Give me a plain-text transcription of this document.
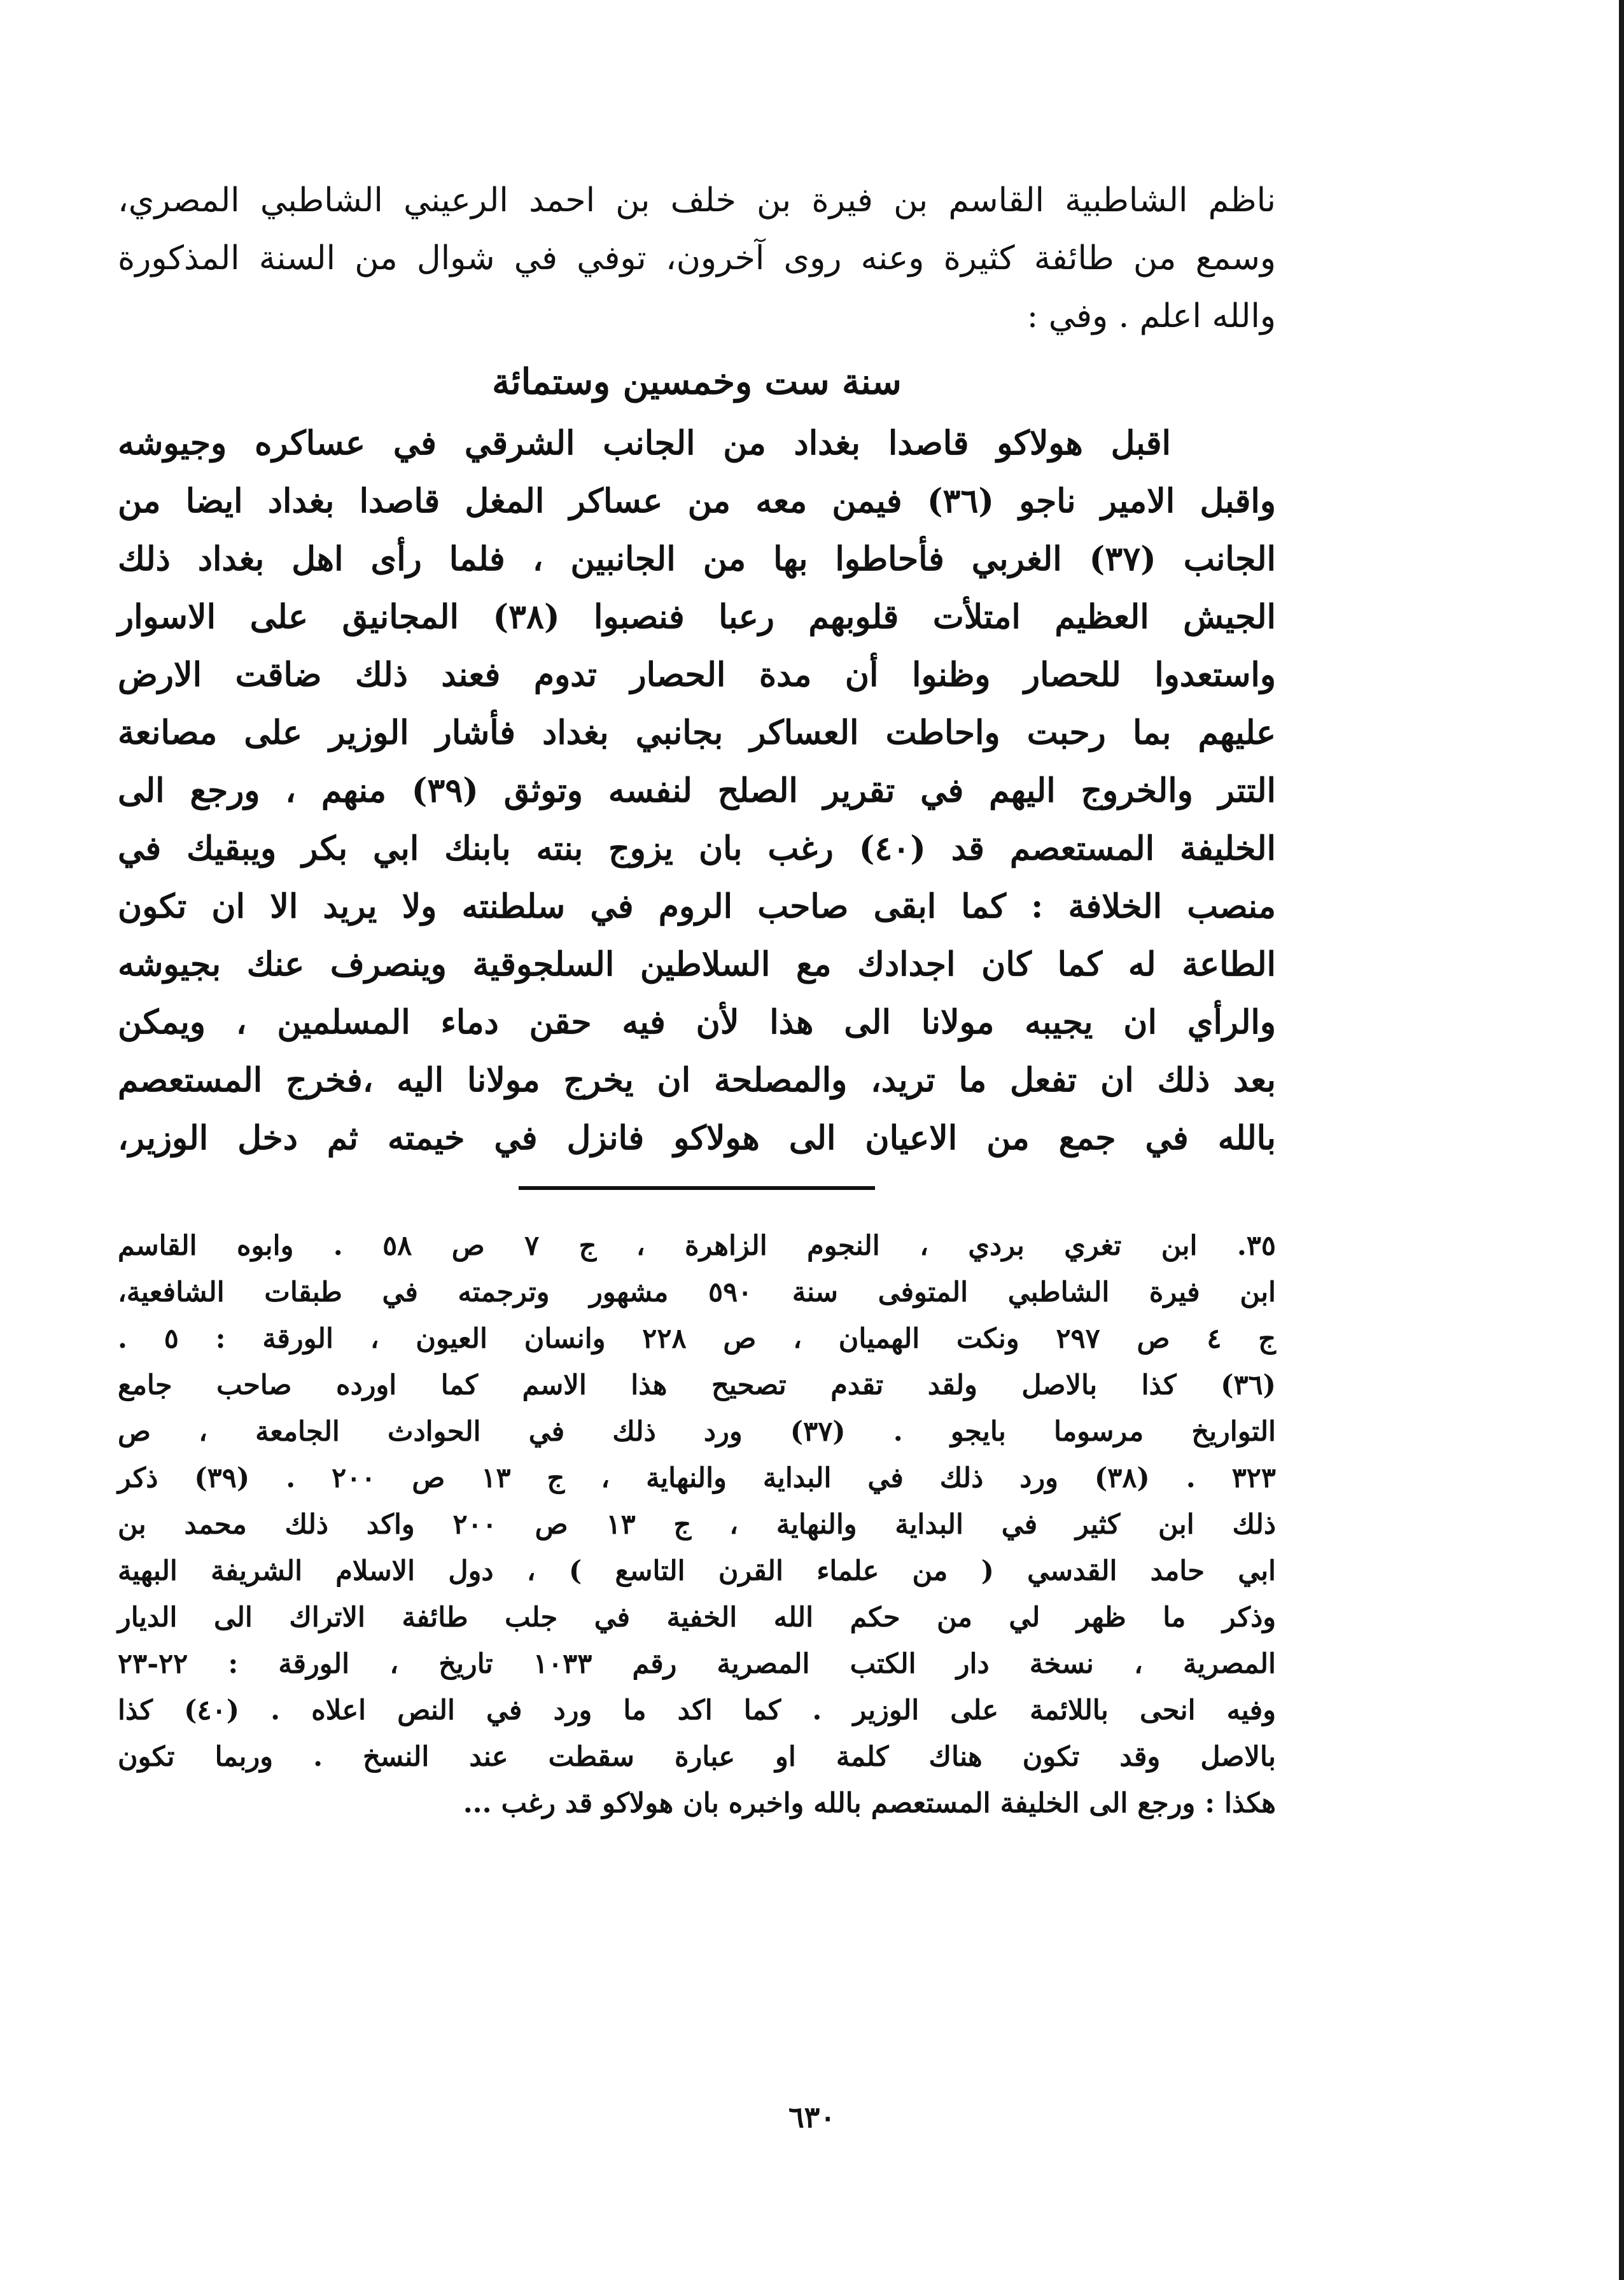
ناظم الشاطبية القاسم بن فيرة بن خلف بن احمد الرعيني الشاطبي المصري،
وسمع من طائفة كثيرة وعنه روى آخرون، توفي في شوال من السنة المذكورة
والله اعلم . وفي :
سنة ست وخمسين وستمائة
اقبل هولاكو قاصدا بغداد من الجانب الشرقي في عساكره وجيوشه
واقبل الامير ناجو (٣٦) فيمن معه من عساكر المغل قاصدا بغداد ايضا من
الجانب (٣٧) الغربي فأحاطوا بها من الجانبين ، فلما رأى اهل بغداد ذلك
الجيش العظيم امتلأت قلوبهم رعبا فنصبوا (٣٨) المجانيق على الاسوار
واستعدوا للحصار وظنوا أن مدة الحصار تدوم فعند ذلك ضاقت الارض
عليهم بما رحبت واحاطت العساكر بجانبي بغداد فأشار الوزير على مصانعة
التتر والخروج اليهم في تقرير الصلح لنفسه وتوثق (٣٩) منهم ، ورجع الى
الخليفة المستعصم قد (٤٠) رغب بان يزوج بنته بابنك ابي بكر ويبقيك في
منصب الخلافة : كما ابقى صاحب الروم في سلطنته ولا يريد الا ان تكون
الطاعة له كما كان اجدادك مع السلاطين السلجوقية وينصرف عنك بجيوشه
والرأي ان يجيبه مولانا الى هذا لأن فيه حقن دماء المسلمين ، ويمكن
بعد ذلك ان تفعل ما تريد، والمصلحة ان يخرج مولانا اليه ،فخرج المستعصم
بالله في جمع من الاعيان الى هولاكو فانزل في خيمته ثم دخل الوزير،
٣٥. ابن تغري بردي ، النجوم الزاهرة ، ج ٧ ص ٥٨ . وابوه القاسم
ابن فيرة الشاطبي المتوفى سنة ٥٩٠ مشهور وترجمته في طبقات الشافعية،
ج ٤ ص ٢٩٧ ونكت الهميان ، ص ٢٢٨ وانسان العيون ، الورقة : ٥ .
(٣٦) كذا بالاصل ولقد تقدم تصحيح هذا الاسم كما اورده صاحب جامع
التواريخ مرسوما بايجو . (٣٧) ورد ذلك في الحوادث الجامعة ، ص
٣٢٣ . (٣٨) ورد ذلك في البداية والنهاية ، ج ١٣ ص ٢٠٠ . (٣٩) ذكر
ذلك ابن كثير في البداية والنهاية ، ج ١٣ ص ٢٠٠ واكد ذلك محمد بن
ابي حامد القدسي ( من علماء القرن التاسع ) ، دول الاسلام الشريفة البهية
وذكر ما ظهر لي من حكم الله الخفية في جلب طائفة الاتراك الى الديار
المصرية ، نسخة دار الكتب المصرية رقم ١٠٣٣ تاريخ ، الورقة : ٢٢-٢٣
وفيه انحى باللائمة على الوزير . كما اكد ما ورد في النص اعلاه . (٤٠) كذا
بالاصل وقد تكون هناك كلمة او عبارة سقطت عند النسخ . وربما تكون
هكذا : ورجع الى الخليفة المستعصم بالله واخبره بان هولاكو قد رغب ...
٦٣٠
